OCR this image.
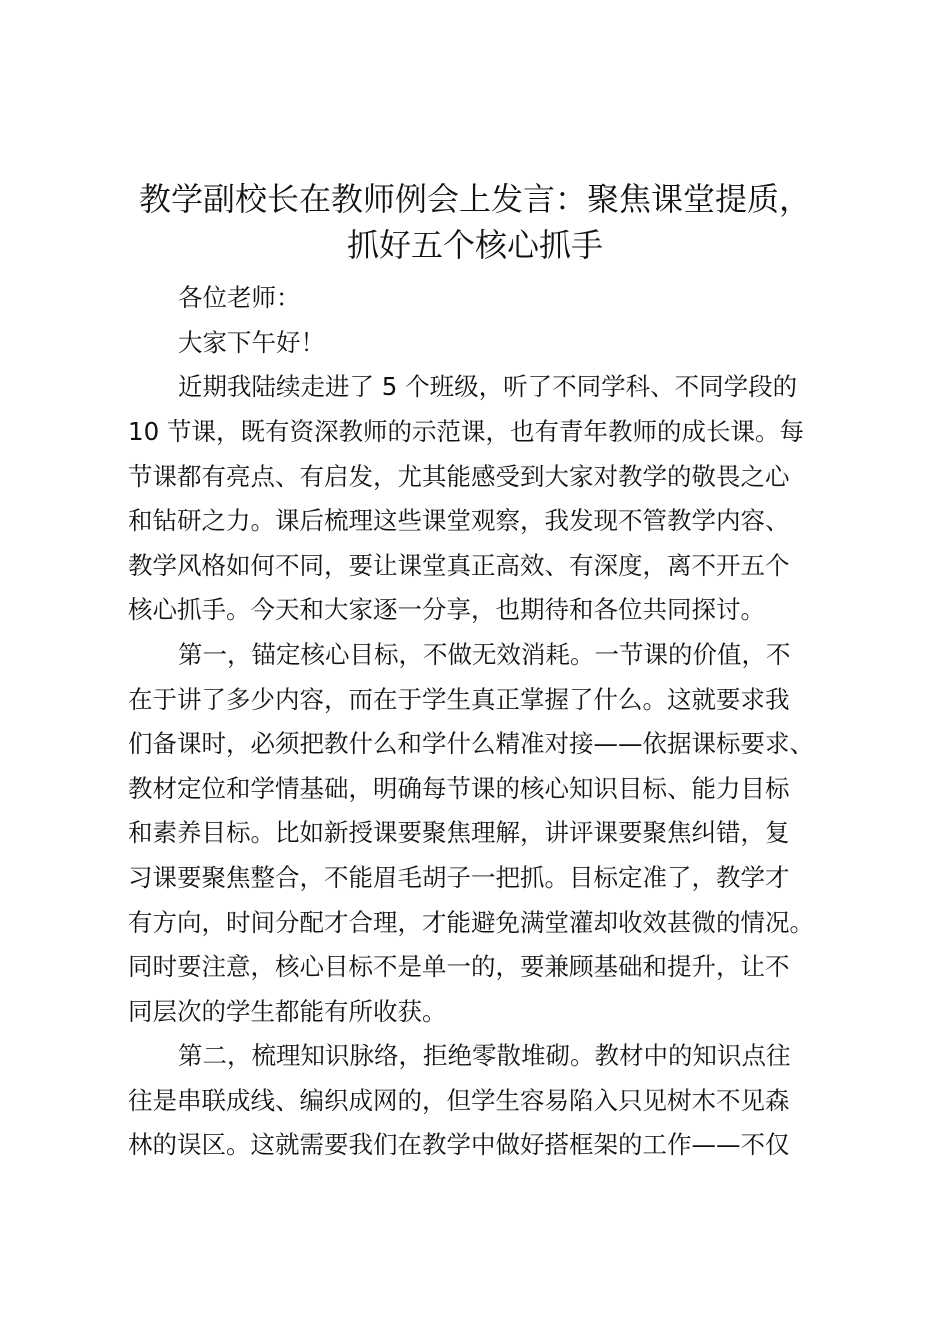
教学副校长在教师例会上发言：聚焦课堂提质，
抓好五个核心抓手
各位老师：
大家下午好！
近期我陆续走进了 5 个班级，听了不同学科、不同学段的
10 节课，既有资深教师的示范课，也有青年教师的成长课。每
节课都有亮点、有启发，尤其能感受到大家对教学的敬畏之心
和钻研之力。课后梳理这些课堂观察，我发现不管教学内容、
教学风格如何不同，要让课堂真正高效、有深度，离不开五个
核心抓手。今天和大家逐一分享，也期待和各位共同探讨。
第一，锚定核心目标，不做无效消耗。一节课的价值，不
在于讲了多少内容，而在于学生真正掌握了什么。这就要求我
们备课时，必须把教什么和学什么精准对接——依据课标要求、
教材定位和学情基础，明确每节课的核心知识目标、能力目标
和素养目标。比如新授课要聚焦理解，讲评课要聚焦纠错，复
习课要聚焦整合，不能眉毛胡子一把抓。目标定准了，教学才
有方向，时间分配才合理，才能避免满堂灌却收效甚微的情况。
同时要注意，核心目标不是单一的，要兼顾基础和提升，让不
同层次的学生都能有所收获。
第二，梳理知识脉络，拒绝零散堆砌。教材中的知识点往
往是串联成线、编织成网的，但学生容易陷入只见树木不见森
林的误区。这就需要我们在教学中做好搭框架的工作——不仅
